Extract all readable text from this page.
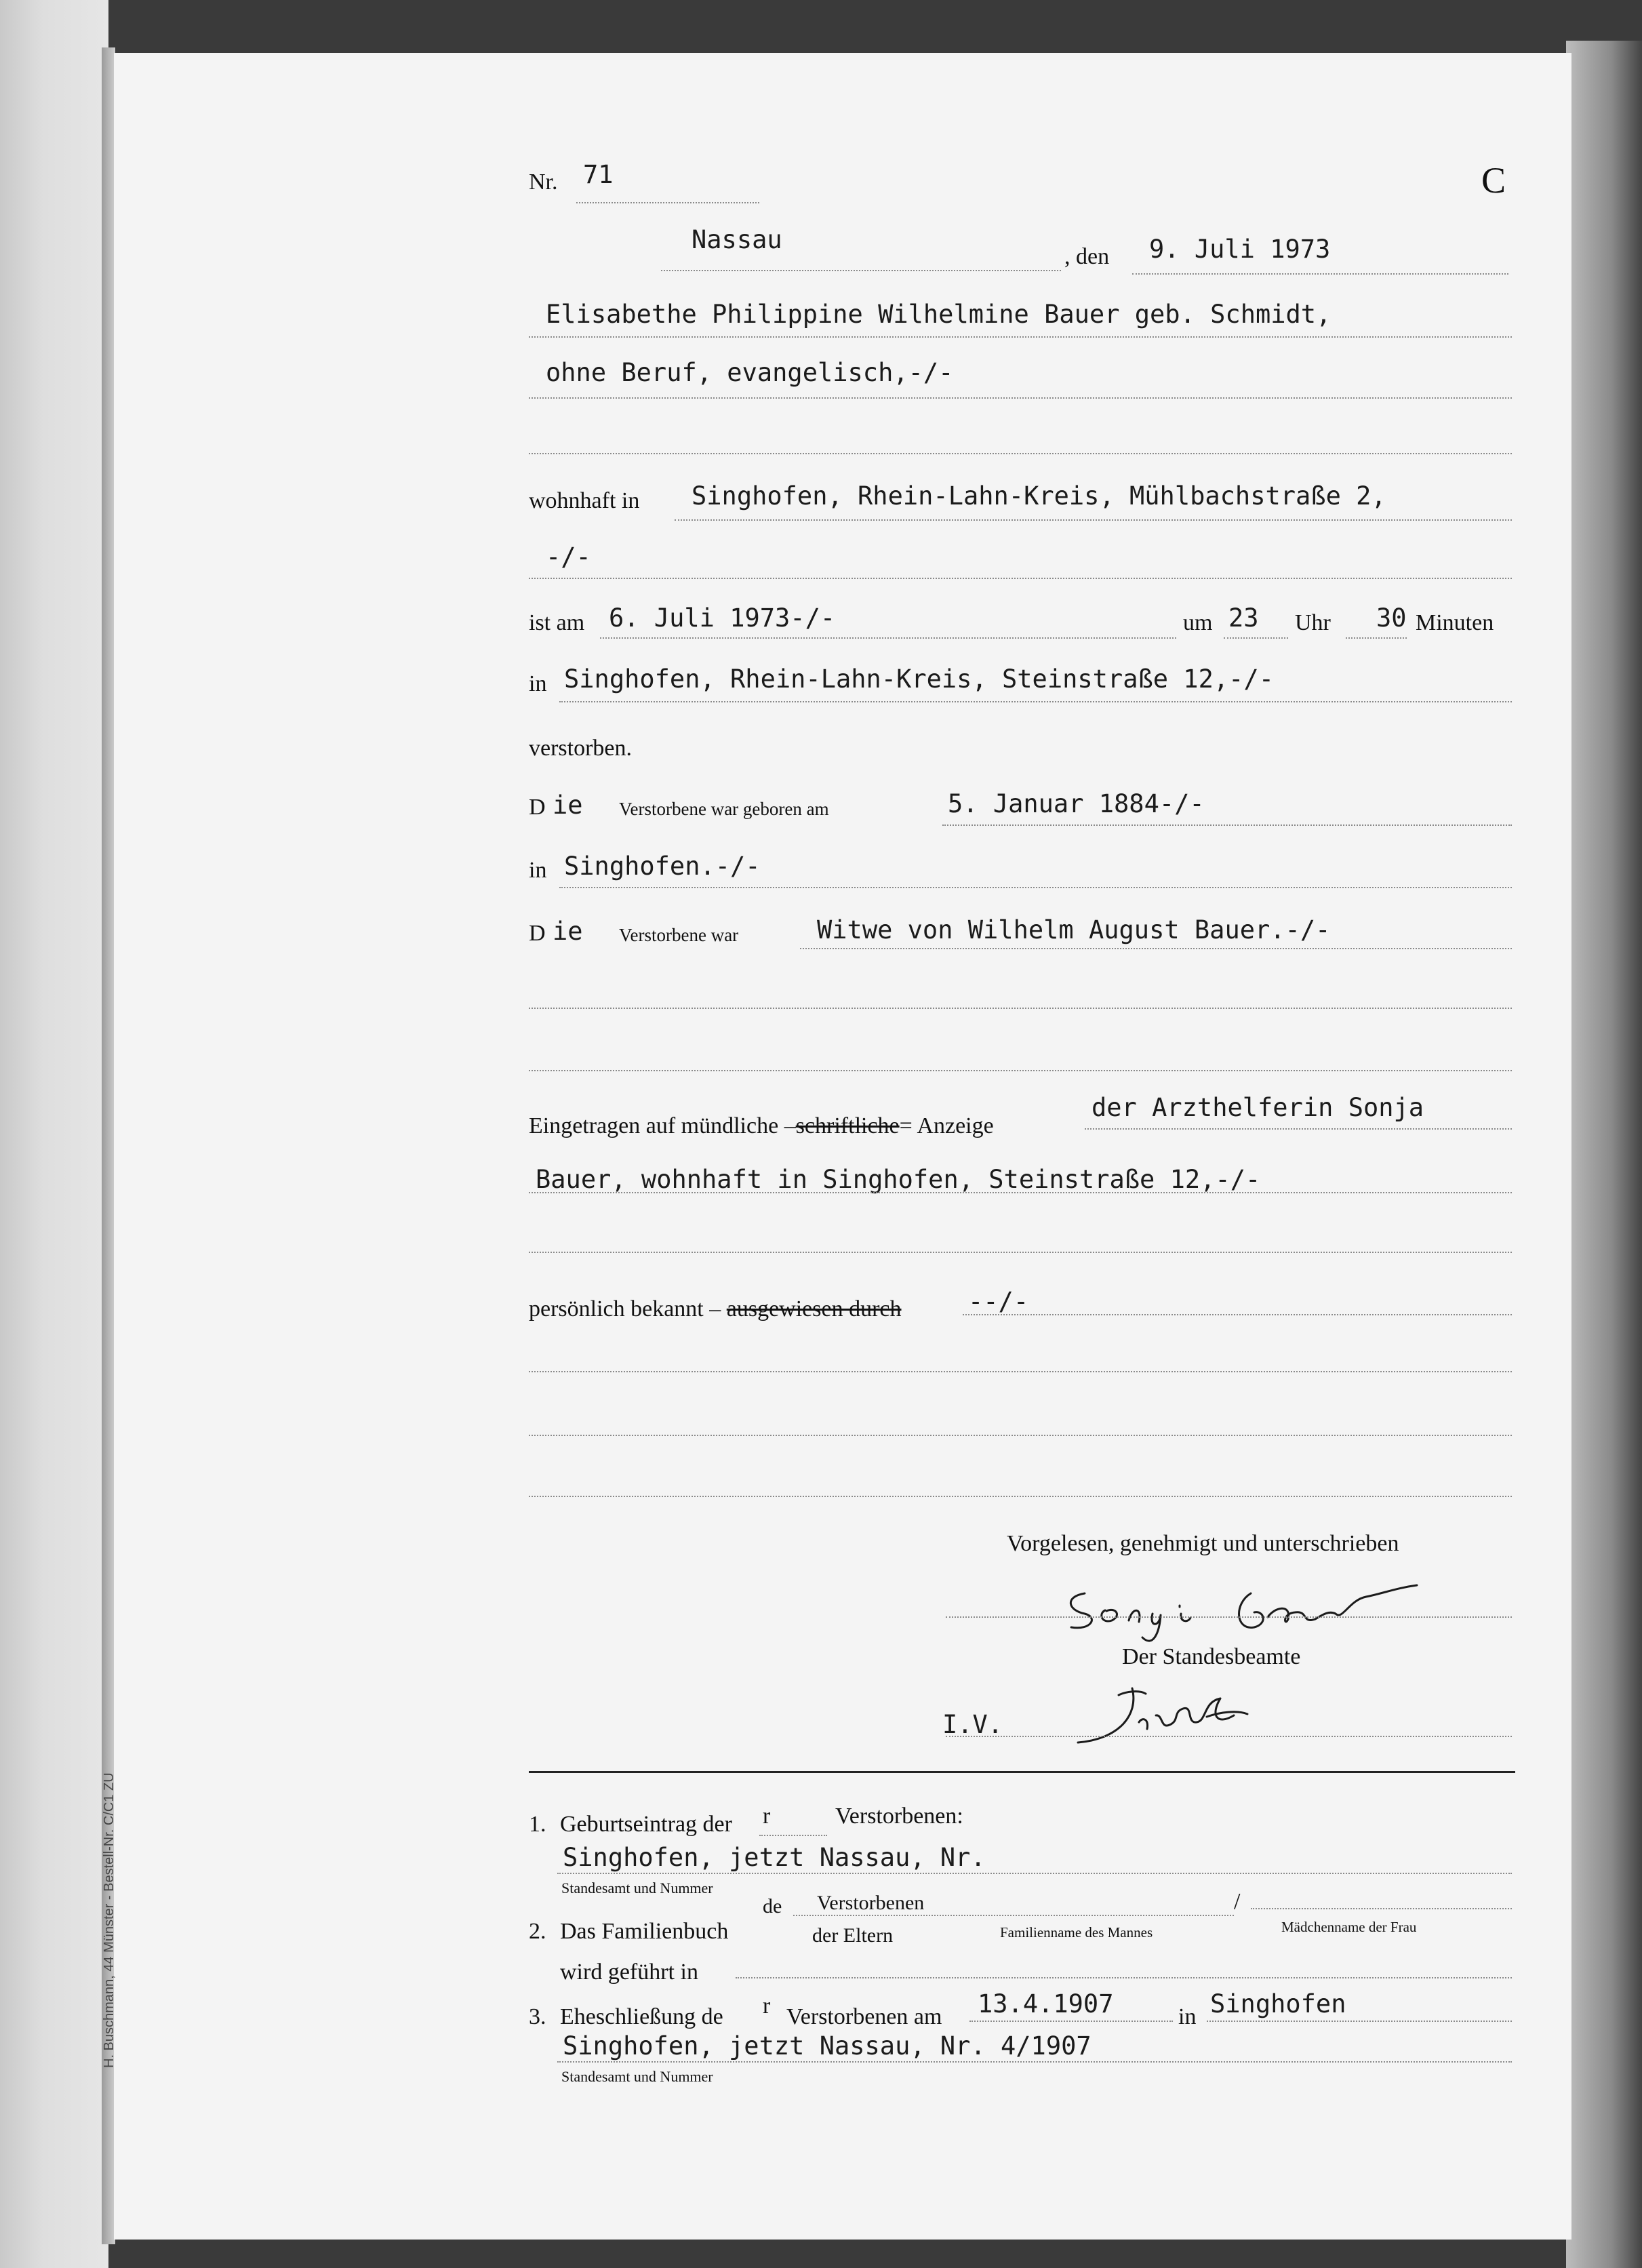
H. Buschmann, 44 Münster - Bestell-Nr. C/C1 ZU
C
Nr. 71
Nassau
, den 9. Juli 1973
Elisabethe Philippine Wilhelmine Bauer geb. Schmidt,
ohne Beruf, evangelisch,-/-
wohnhaft in Singhofen, Rhein-Lahn-Kreis, Mühlbachstraße 2,
-/-
ist am 6. Juli 1973-/-	um 23 Uhr 30 Minuten
in Singhofen, Rhein-Lahn-Kreis, Steinstraße 12,-/-
verstorben.
D ie Verstorbene war geboren am	5. Januar 1884-/-
in Singhofen.-/-
D ie Verstorbene war	Witwe von Wilhelm August Bauer.-/-
Eingetragen auf mündliche –schriftliche= Anzeige
der Arzthelferin Sonja
Bauer, wohnhaft in Singhofen, Steinstraße 12,-/-
persönlich bekannt – ausgewiesen durch	--/-
Vorgelesen, genehmigt und unterschrieben
Der Standesbeamte
I.V.
1. Geburtseintrag der r	Verstorbenen:
Singhofen, jetzt Nassau, Nr.
Standesamt und Nummer
2. Das Familienbuch
de Verstorbenen	/
der Eltern	Familienname des Mannes	Mädchenname der Frau
wird geführt in
3. Eheschließung de r Verstorbenen am 13.4.1907	in Singhofen
Singhofen, jetzt Nassau, Nr. 4/1907
Standesamt und Nummer
